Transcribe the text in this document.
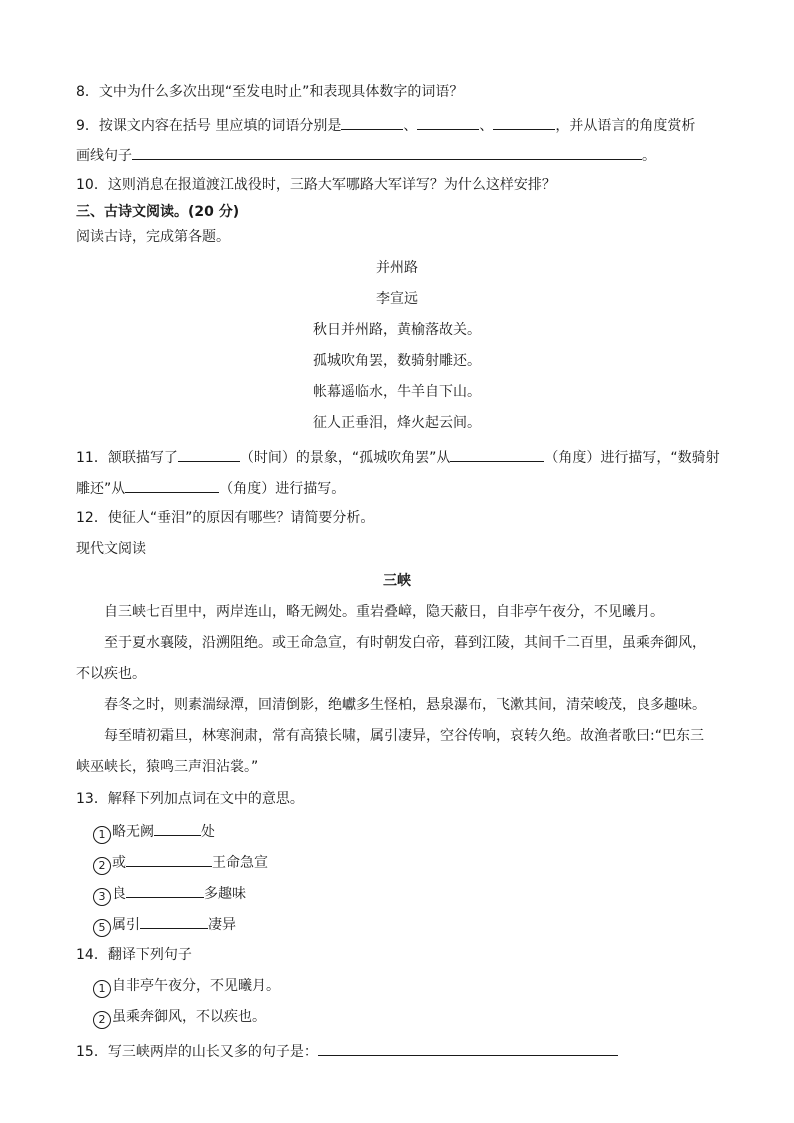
8．文中为什么多次出现“至发电时止”和表现具体数字的词语？
9．按课文内容在括号 里应填的词语分别是	、	、	，并从语言的角度赏析
画线句子	。
10．这则消息在报道渡江战役时，三路大军哪路大军详写？为什么这样安排？
三、古诗文阅读。(20 分)
阅读古诗，完成第各题。
并州路
李宣远
秋日并州路，黄榆落故关。
孤城吹角罢，数骑射雕还。
帐幕遥临水，牛羊自下山。
征人正垂泪，烽火起云间。
11．颔联描写了	（时间）的景象，“孤城吹角罢”从	（角度）进行描写，“数骑射
雕还”从	（角度）进行描写。
12．使征人“垂泪”的原因有哪些？请简要分析。
现代文阅读
三峡
自三峡七百里中，两岸连山，略无阙处。重岩叠嶂，隐天蔽日，自非亭午夜分，不见曦月。
至于夏水襄陵，沿溯阻绝。或王命急宣，有时朝发白帝，暮到江陵，其间千二百里，虽乘奔御风，
不以疾也。
春冬之时，则素湍绿潭，回清倒影，绝巘多生怪柏，悬泉瀑布，飞漱其间，清荣峻茂，良多趣味。
每至晴初霜旦，林寒涧肃，常有高猿长啸，属引凄异，空谷传响，哀转久绝。故渔者歌曰:“巴东三
峡巫峡长，猿鸣三声泪沾裳。”
13．解释下列加点词在文中的意思。
1 略无阙	处
2 或	王命急宣
3 良	多趣味
5 属引	凄异
14．翻译下列句子
1 自非亭午夜分，不见曦月。
2 虽乘奔御风，不以疾也。
15．写三峡两岸的山长又多的句子是：
